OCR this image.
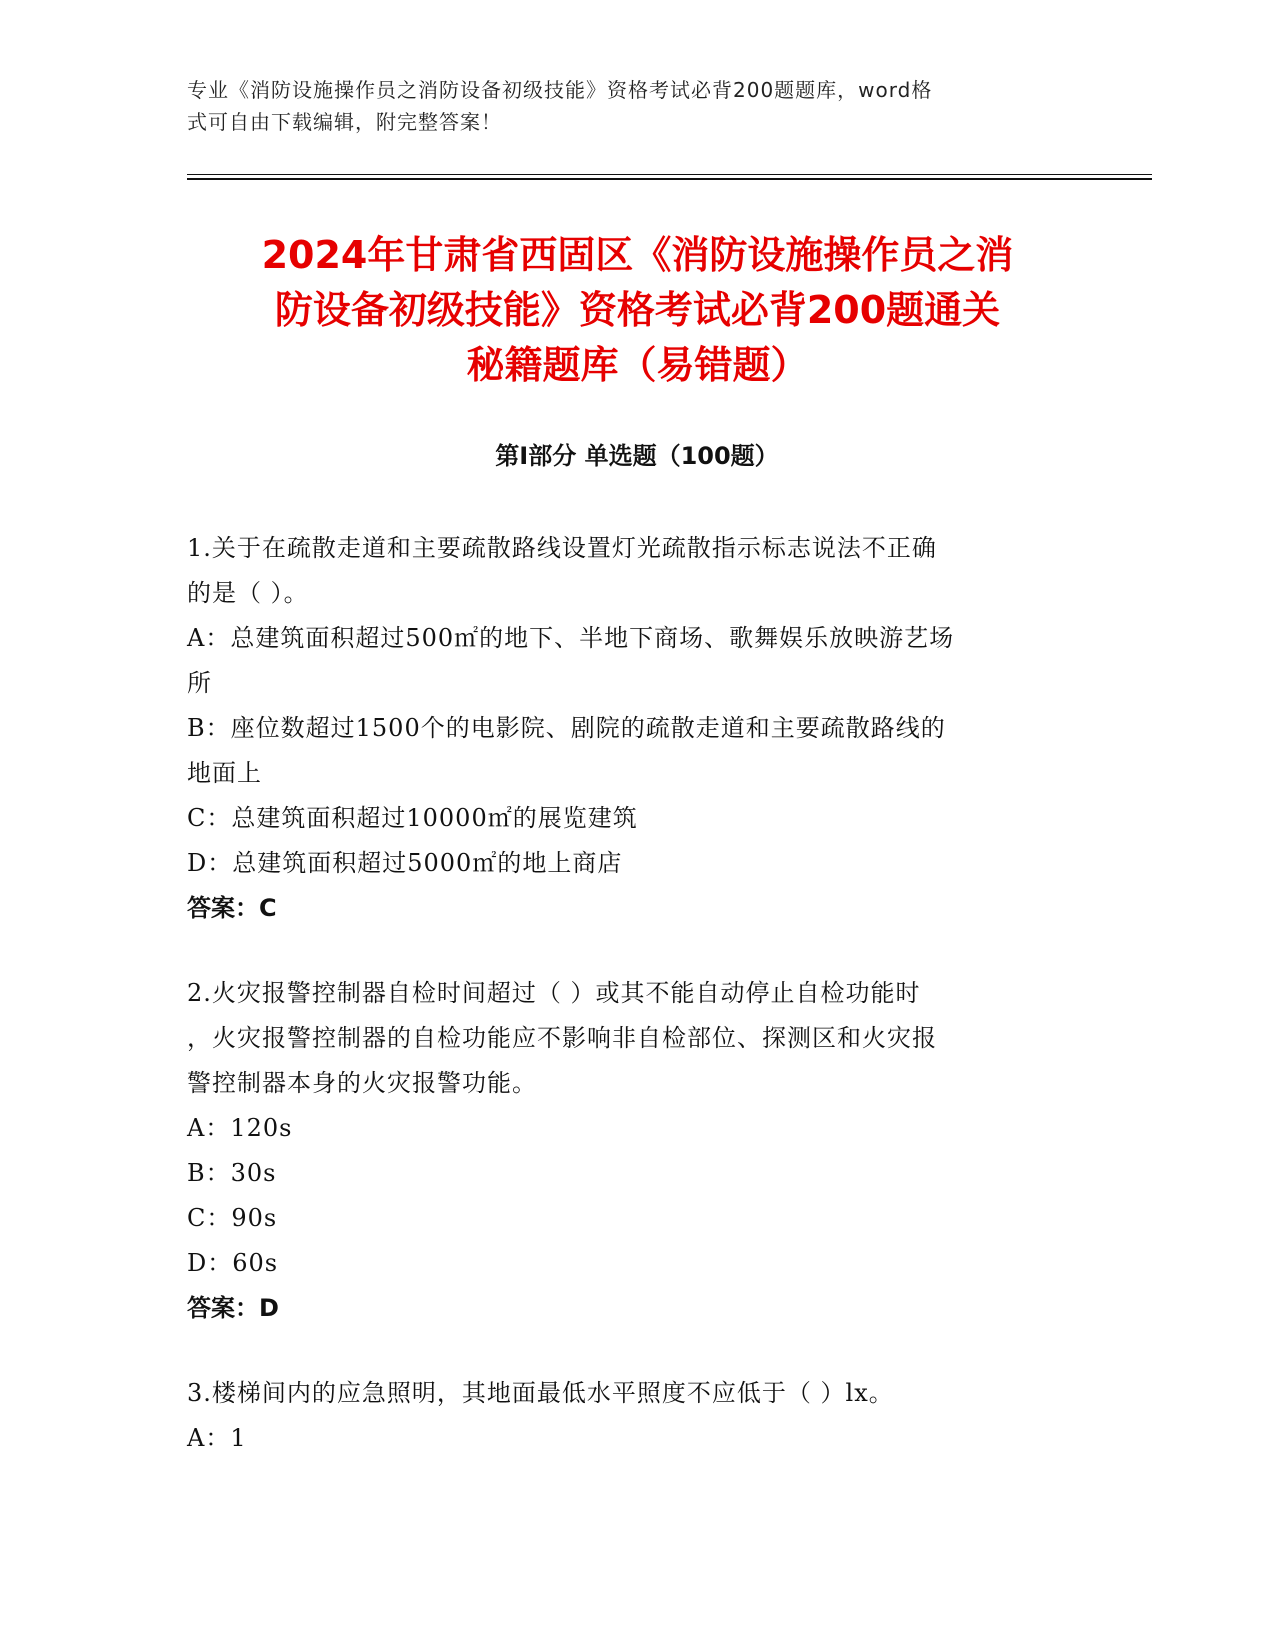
专业《消防设施操作员之消防设备初级技能》资格考试必背200题题库，word格
式可自由下载编辑，附完整答案！
2024年甘肃省西固区《消防设施操作员之消
防设备初级技能》资格考试必背200题通关
秘籍题库（易错题）
第Ⅰ部分 单选题（100题）
1.关于在疏散走道和主要疏散路线设置灯光疏散指示标志说法不正确
的是（ ）。
A：总建筑面积超过500㎡的地下、半地下商场、歌舞娱乐放映游艺场
所
B：座位数超过1500个的电影院、剧院的疏散走道和主要疏散路线的
地面上
C：总建筑面积超过10000㎡的展览建筑
D：总建筑面积超过5000㎡的地上商店
答案：C
2.火灾报警控制器自检时间超过（ ）或其不能自动停止自检功能时
，火灾报警控制器的自检功能应不影响非自检部位、探测区和火灾报
警控制器本身的火灾报警功能。
A：120s
B：30s
C：90s
D：60s
答案：D
3.楼梯间内的应急照明，其地面最低水平照度不应低于（ ）lx。
A：1
